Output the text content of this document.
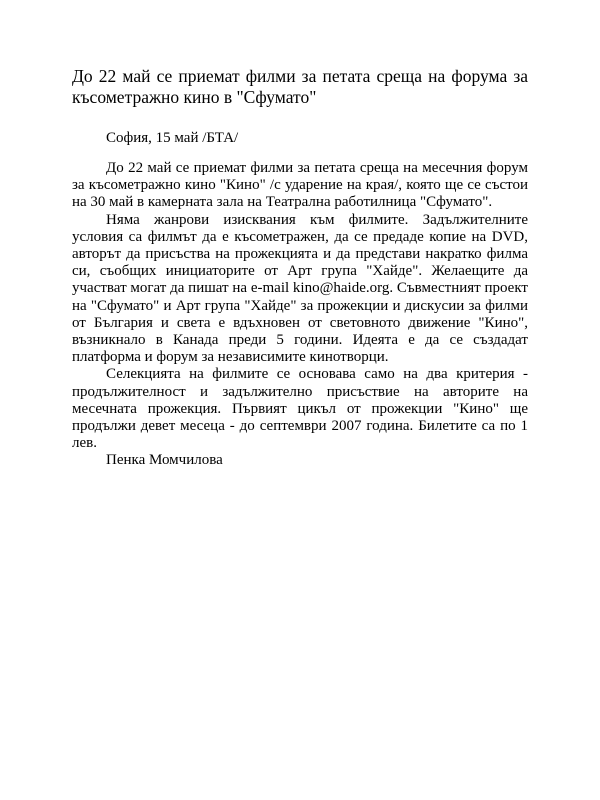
До 22 май се приемат филми за петата среща на форума за късометражно кино в "Сфумато"

София, 15 май /БТА/

До 22 май се приемат филми за петата среща на месечния форум за късометражно кино "Кино" /с ударение на края/, която ще се състои на 30 май в камерната зала на Театрална работилница "Сфумато".

Няма жанрови изисквания към филмите. Задължителните условия са филмът да е късометражен, да се предаде копие на DVD, авторът да присъства на прожекцията и да представи накратко филма си, съобщих инициаторите от Арт група "Хайде". Желаещите да участват могат да пишат на e-mail kino@haide.org. Съвместният проект на "Сфумато" и Арт група "Хайде" за прожекции и дискусии за филми от България и света е вдъхновен от световното движение "Кино", възникнало в Канада преди 5 години. Идеята е да се създадат платформа и форум за независимите кинотворци.

Селекцията на филмите се основава само на два критерия - продължителност и задължително присъствие на авторите на месечната прожекция. Първият цикъл от прожекции "Кино" ще продължи девет месеца - до септември 2007 година. Билетите са по 1 лев.

Пенка Момчилова
